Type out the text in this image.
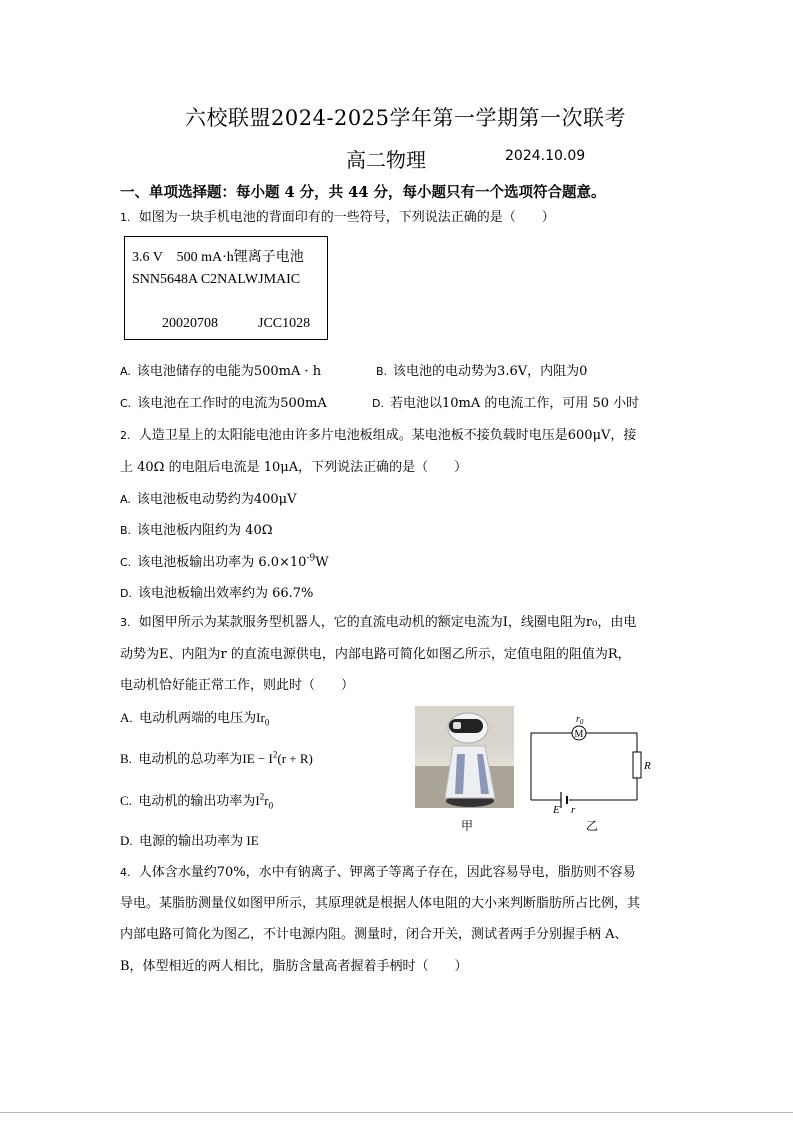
六校联盟2024-2025学年第一学期第一次联考
高二物理	2024.10.09
一、单项选择题：每小题 4 分，共 44 分，每小题只有一个选项符合题意。
1. 如图为一块手机电池的背面印有的一些符号，下列说法正确的是（　　）
3.6 V　500 mA·h锂离子电池
SNN5648A C2NALWJMAIC
20020708	JCC1028
A. 该电池储存的电能为500mA · h	B. 该电池的电动势为3.6V，内阻为0
C. 该电池在工作时的电流为500mA	D. 若电池以10mA 的电流工作，可用 50 小时
2. 人造卫星上的太阳能电池由许多片电池板组成。某电池板不接负载时电压是600μV，接
上 40Ω 的电阻后电流是 10μA，下列说法正确的是（　　）
A. 该电池板电动势约为400μV
B. 该电池板内阻约为 40Ω
C. 该电池板输出功率为 $6.0\times 10^{-9}W$
D. 该电池板输出效率约为 66.7%
3. 如图甲所示为某款服务型机器人，它的直流电动机的额定电流为I，线圈电阻为r₀，由电
动势为E、内阻为r 的直流电源供电，内部电路可简化如图乙所示，定值电阻的阻值为R，
电动机恰好能正常工作，则此时（　　）
A. 电动机两端的电压为$Ir_0$
B. 电动机的总功率为IE − $I^2(r + R)$
C. 电动机的输出功率为$I^2r_0$
D. 电源的输出功率为 IE
甲
M
$r_0$
R
E r
乙
4. 人体含水量约70%，水中有钠离子、钾离子等离子存在，因此容易导电，脂肪则不容易
导电。某脂肪测量仪如图甲所示，其原理就是根据人体电阻的大小来判断脂肪所占比例，其
内部电路可简化为图乙，不计电源内阻。测量时，闭合开关，测试者两手分别握手柄 A、
B，体型相近的两人相比，脂肪含量高者握着手柄时（　　）
